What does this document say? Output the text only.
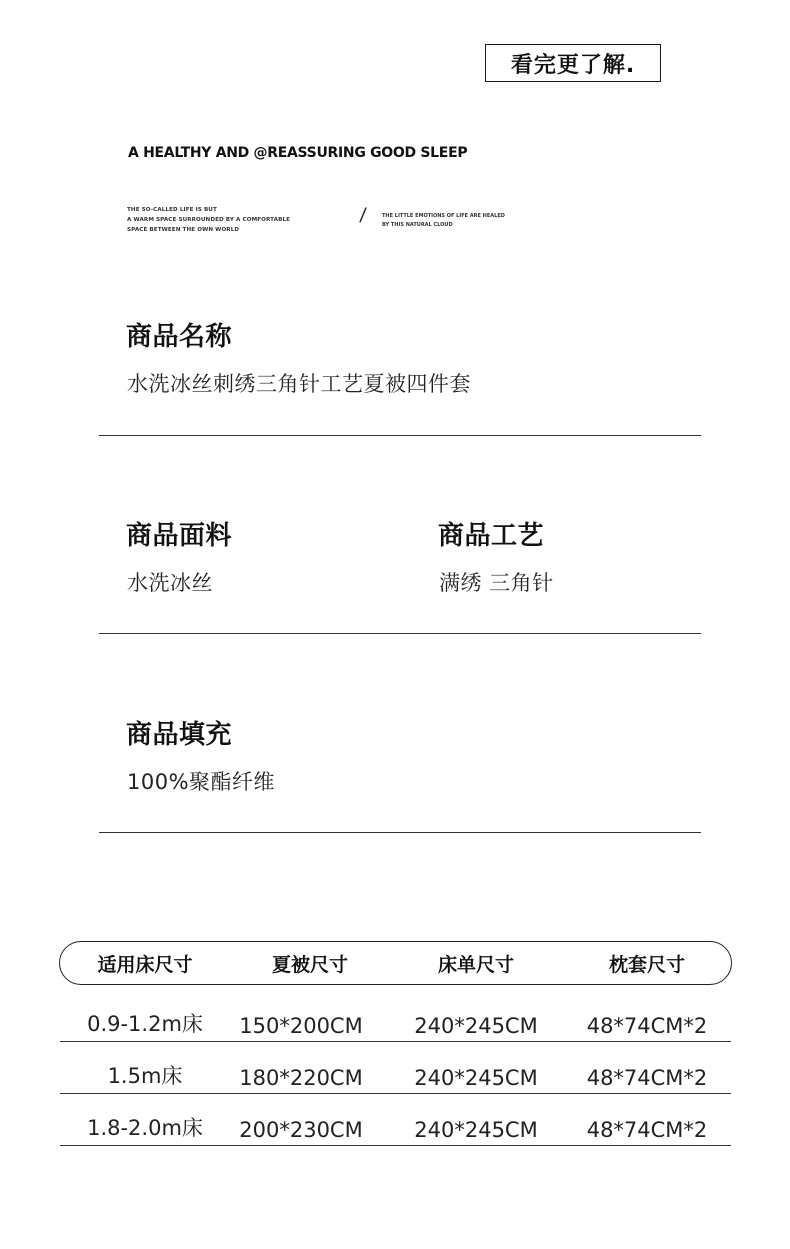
看完更了解.
A HEALTHY AND @REASSURING GOOD SLEEP
THE SO-CALLED LIFE IS BUT
A WARM SPACE SURROUNDED BY A COMFORTABLE
SPACE BETWEEN THE OWN WORLD
/	THE LITTLE EMOTIONS OF LIFE ARE HEALED
BY THIS NATURAL CLOUD
商品名称
水洗冰丝刺绣三角针工艺夏被四件套
商品面料
水洗冰丝
商品工艺
满绣 三角针
商品填充
100%聚酯纤维
适用床尺寸	夏被尺寸	床单尺寸	枕套尺寸
0.9-1.2m床	150*200CM	240*245CM	48*74CM*2
1.5m床	180*220CM	240*245CM	48*74CM*2
1.8-2.0m床	200*230CM	240*245CM	48*74CM*2
